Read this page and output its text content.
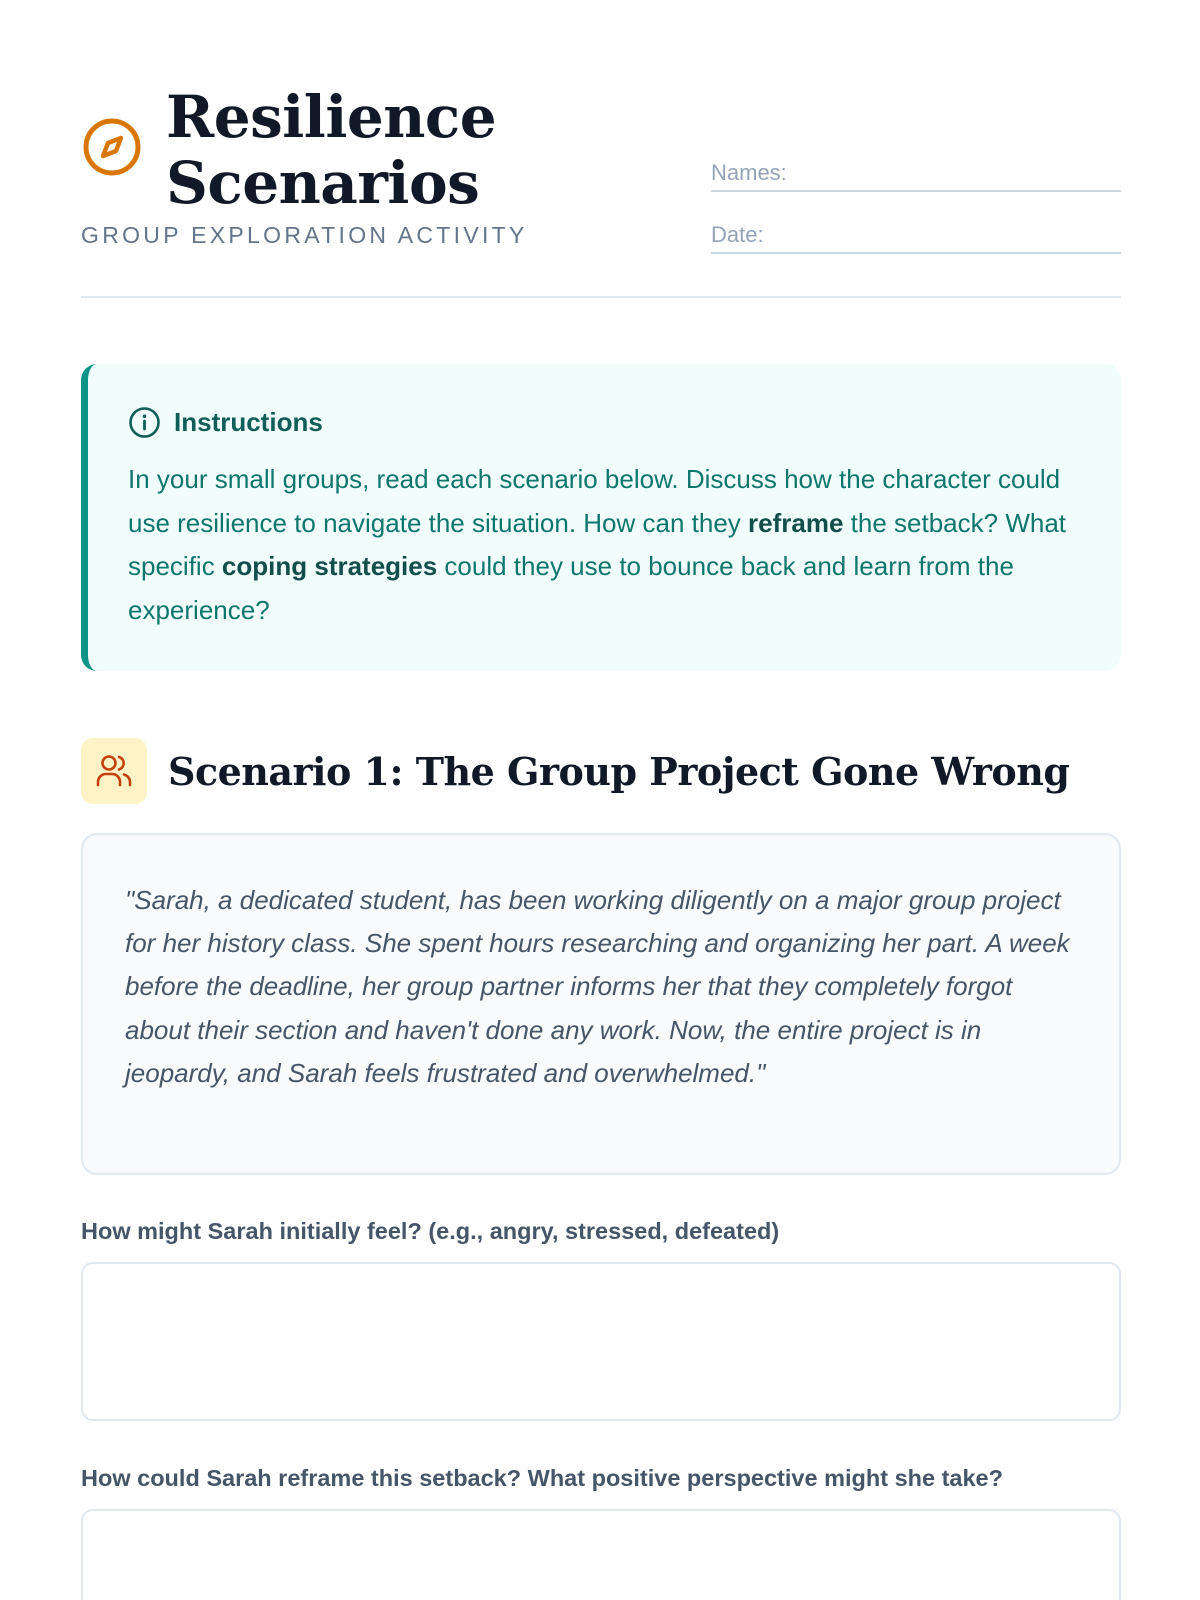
Resilience
Scenarios
GROUP EXPLORATION ACTIVITY
Names:
Date:
Instructions

In your small groups, read each scenario below. Discuss how the character could use resilience to navigate the situation. How can they reframe the setback? What specific coping strategies could they use to bounce back and learn from the experience?

Scenario 1: The Group Project Gone Wrong

"Sarah, a dedicated student, has been working diligently on a major group project for her history class. She spent hours researching and organizing her part. A week before the deadline, her group partner informs her that they completely forgot about their section and haven't done any work. Now, the entire project is in jeopardy, and Sarah feels frustrated and overwhelmed."

How might Sarah initially feel? (e.g., angry, stressed, defeated)
How could Sarah reframe this setback? What positive perspective might she take?
